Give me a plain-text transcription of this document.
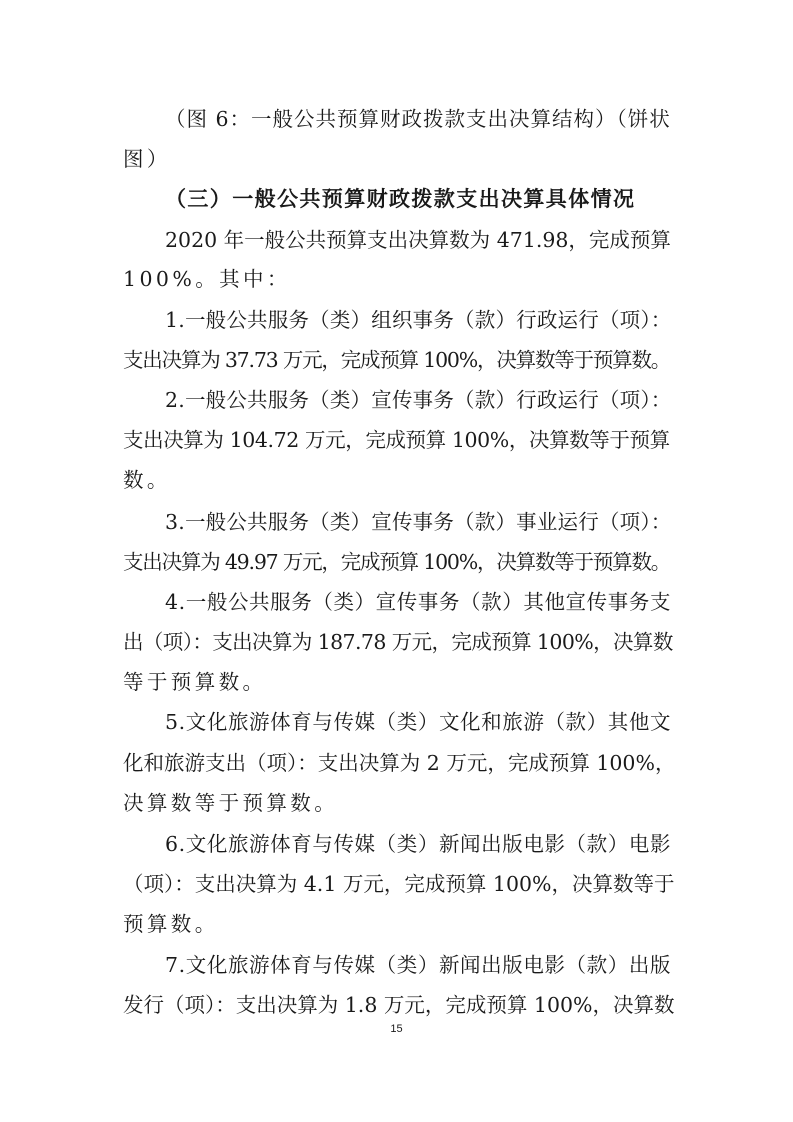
（图 6：一般公共预算财政拨款支出决算结构）（饼状
图）
（三）一般公共预算财政拨款支出决算具体情况
2020 年一般公共预算支出决算数为 471.98，完成预算
100%。其中：
1.一般公共服务（类）组织事务（款）行政运行（项）：
支出决算为 37.73 万元，完成预算 100%，决算数等于预算数。
2.一般公共服务（类）宣传事务（款）行政运行（项）：
支出决算为 104.72 万元，完成预算 100%，决算数等于预算
数。
3.一般公共服务（类）宣传事务（款）事业运行（项）：
支出决算为 49.97 万元，完成预算 100%，决算数等于预算数。
4.一般公共服务（类）宣传事务（款）其他宣传事务支
出（项）：支出决算为 187.78 万元，完成预算 100%，决算数
等于预算数。
5.文化旅游体育与传媒（类）文化和旅游（款）其他文
化和旅游支出（项）：支出决算为 2 万元，完成预算 100%，
决算数等于预算数。
6.文化旅游体育与传媒（类）新闻出版电影（款）电影
（项）：支出决算为 4.1 万元，完成预算 100%，决算数等于
预算数。
7.文化旅游体育与传媒（类）新闻出版电影（款）出版
发行（项）：支出决算为 1.8 万元，完成预算 100%，决算数
15
